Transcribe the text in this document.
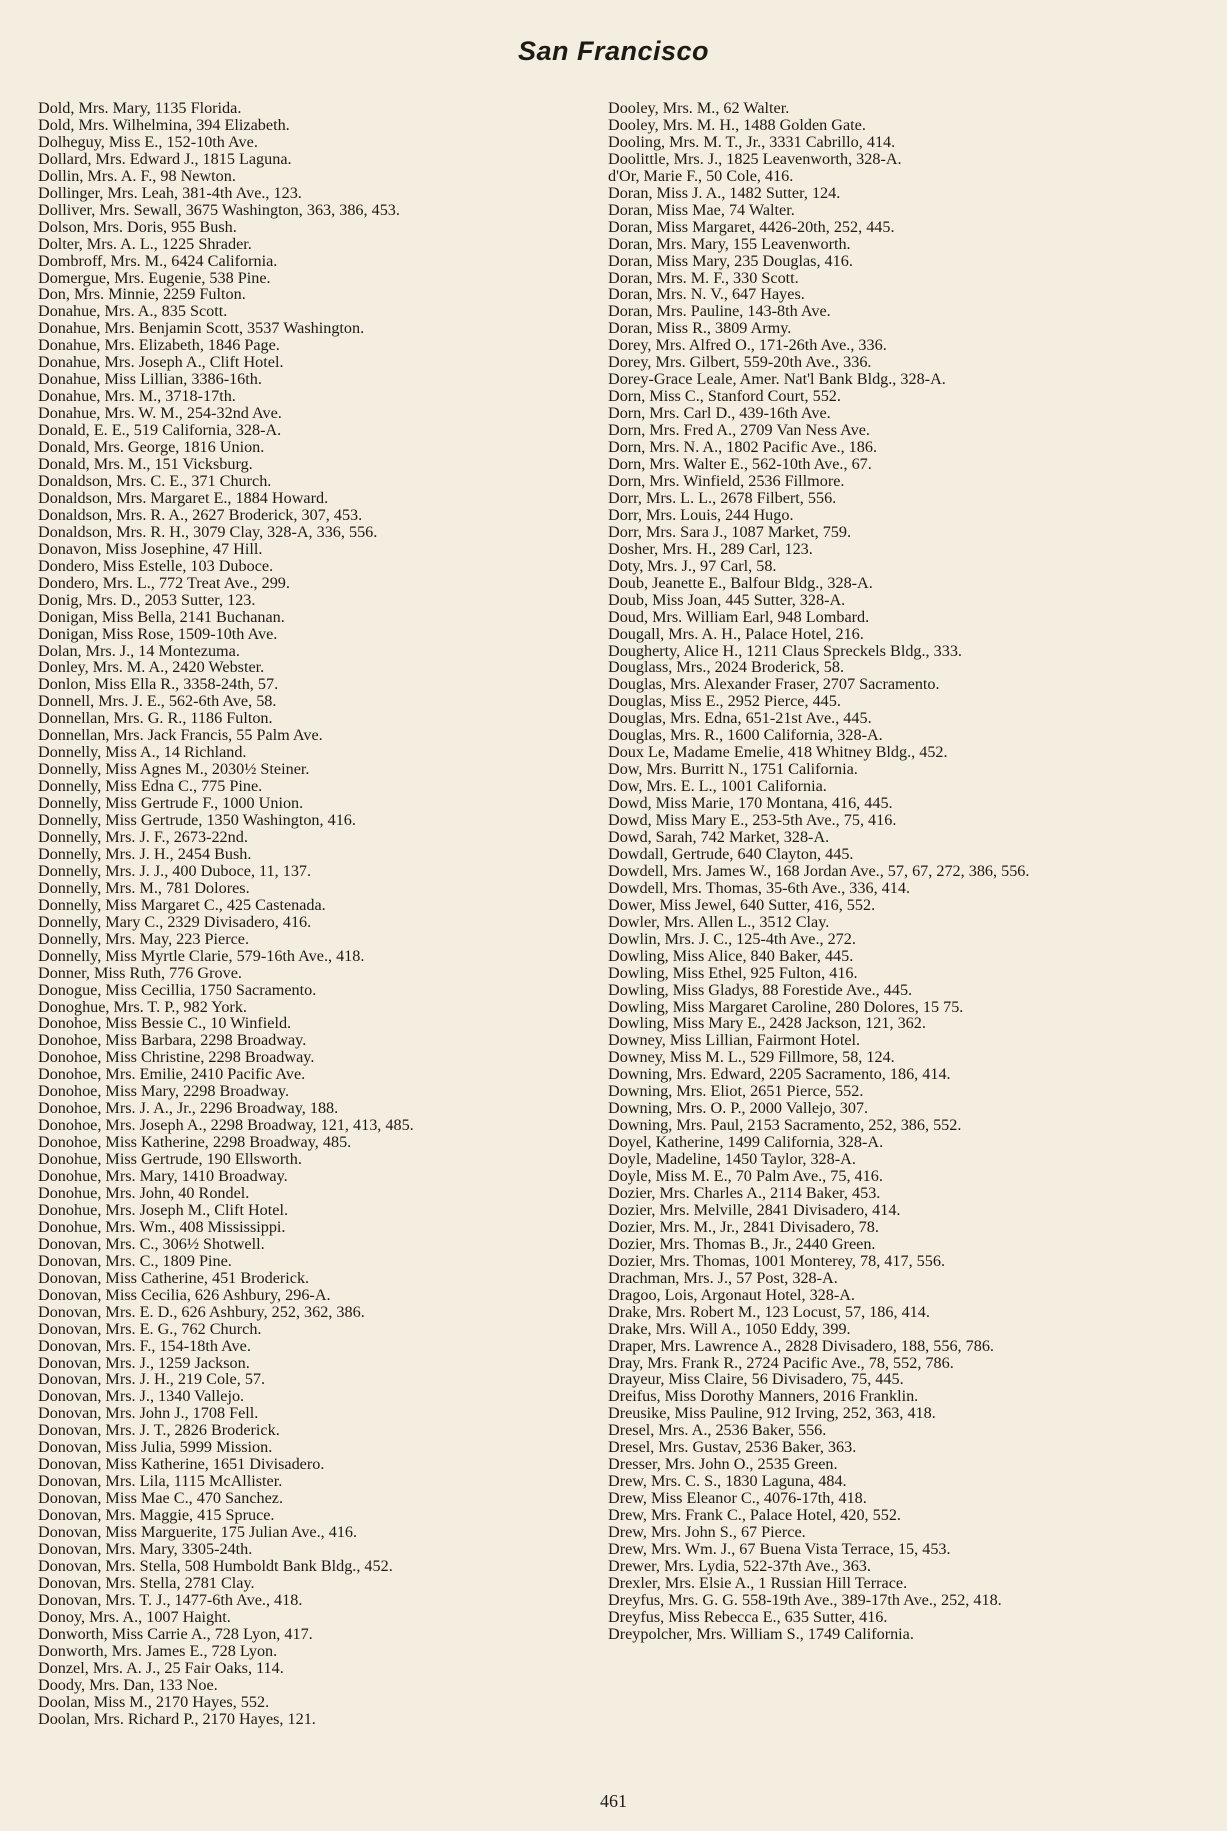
San Francisco
Dold, Mrs. Mary, 1135 Florida.
Dold, Mrs. Wilhelmina, 394 Elizabeth.
Dolheguy, Miss E., 152-10th Ave.
Dollard, Mrs. Edward J., 1815 Laguna.
Dollin, Mrs. A. F., 98 Newton.
Dollinger, Mrs. Leah, 381-4th Ave., 123.
Dolliver, Mrs. Sewall, 3675 Washington, 363, 386, 453.
Dolson, Mrs. Doris, 955 Bush.
Dolter, Mrs. A. L., 1225 Shrader.
Dombroff, Mrs. M., 6424 California.
Domergue, Mrs. Eugenie, 538 Pine.
Don, Mrs. Minnie, 2259 Fulton.
Donahue, Mrs. A., 835 Scott.
Donahue, Mrs. Benjamin Scott, 3537 Washington.
Donahue, Mrs. Elizabeth, 1846 Page.
Donahue, Mrs. Joseph A., Clift Hotel.
Donahue, Miss Lillian, 3386-16th.
Donahue, Mrs. M., 3718-17th.
Donahue, Mrs. W. M., 254-32nd Ave.
Donald, E. E., 519 California, 328-A.
Donald, Mrs. George, 1816 Union.
Donald, Mrs. M., 151 Vicksburg.
Donaldson, Mrs. C. E., 371 Church.
Donaldson, Mrs. Margaret E., 1884 Howard.
Donaldson, Mrs. R. A., 2627 Broderick, 307, 453.
Donaldson, Mrs. R. H., 3079 Clay, 328-A, 336, 556.
Donavon, Miss Josephine, 47 Hill.
Dondero, Miss Estelle, 103 Duboce.
Dondero, Mrs. L., 772 Treat Ave., 299.
Donig, Mrs. D., 2053 Sutter, 123.
Donigan, Miss Bella, 2141 Buchanan.
Donigan, Miss Rose, 1509-10th Ave.
Dolan, Mrs. J., 14 Montezuma.
Donley, Mrs. M. A., 2420 Webster.
Donlon, Miss Ella R., 3358-24th, 57.
Donnell, Mrs. J. E., 562-6th Ave, 58.
Donnellan, Mrs. G. R., 1186 Fulton.
Donnellan, Mrs. Jack Francis, 55 Palm Ave.
Donnelly, Miss A., 14 Richland.
Donnelly, Miss Agnes M., 2030½ Steiner.
Donnelly, Miss Edna C., 775 Pine.
Donnelly, Miss Gertrude F., 1000 Union.
Donnelly, Miss Gertrude, 1350 Washington, 416.
Donnelly, Mrs. J. F., 2673-22nd.
Donnelly, Mrs. J. H., 2454 Bush.
Donnelly, Mrs. J. J., 400 Duboce, 11, 137.
Donnelly, Mrs. M., 781 Dolores.
Donnelly, Miss Margaret C., 425 Castenada.
Donnelly, Mary C., 2329 Divisadero, 416.
Donnelly, Mrs. May, 223 Pierce.
Donnelly, Miss Myrtle Clarie, 579-16th Ave., 418.
Donner, Miss Ruth, 776 Grove.
Donogue, Miss Cecillia, 1750 Sacramento.
Donoghue, Mrs. T. P., 982 York.
Donohoe, Miss Bessie C., 10 Winfield.
Donohoe, Miss Barbara, 2298 Broadway.
Donohoe, Miss Christine, 2298 Broadway.
Donohoe, Mrs. Emilie, 2410 Pacific Ave.
Donohoe, Miss Mary, 2298 Broadway.
Donohoe, Mrs. J. A., Jr., 2296 Broadway, 188.
Donohoe, Mrs. Joseph A., 2298 Broadway, 121, 413, 485.
Donohoe, Miss Katherine, 2298 Broadway, 485.
Donohue, Miss Gertrude, 190 Ellsworth.
Donohue, Mrs. Mary, 1410 Broadway.
Donohue, Mrs. John, 40 Rondel.
Donohue, Mrs. Joseph M., Clift Hotel.
Donohue, Mrs. Wm., 408 Mississippi.
Donovan, Mrs. C., 306½ Shotwell.
Donovan, Mrs. C., 1809 Pine.
Donovan, Miss Catherine, 451 Broderick.
Donovan, Miss Cecilia, 626 Ashbury, 296-A.
Donovan, Mrs. E. D., 626 Ashbury, 252, 362, 386.
Donovan, Mrs. E. G., 762 Church.
Donovan, Mrs. F., 154-18th Ave.
Donovan, Mrs. J., 1259 Jackson.
Donovan, Mrs. J. H., 219 Cole, 57.
Donovan, Mrs. J., 1340 Vallejo.
Donovan, Mrs. John J., 1708 Fell.
Donovan, Mrs. J. T., 2826 Broderick.
Donovan, Miss Julia, 5999 Mission.
Donovan, Miss Katherine, 1651 Divisadero.
Donovan, Mrs. Lila, 1115 McAllister.
Donovan, Miss Mae C., 470 Sanchez.
Donovan, Mrs. Maggie, 415 Spruce.
Donovan, Miss Marguerite, 175 Julian Ave., 416.
Donovan, Mrs. Mary, 3305-24th.
Donovan, Mrs. Stella, 508 Humboldt Bank Bldg., 452.
Donovan, Mrs. Stella, 2781 Clay.
Donovan, Mrs. T. J., 1477-6th Ave., 418.
Donoy, Mrs. A., 1007 Haight.
Donworth, Miss Carrie A., 728 Lyon, 417.
Donworth, Mrs. James E., 728 Lyon.
Donzel, Mrs. A. J., 25 Fair Oaks, 114.
Doody, Mrs. Dan, 133 Noe.
Doolan, Miss M., 2170 Hayes, 552.
Doolan, Mrs. Richard P., 2170 Hayes, 121.
Dooley, Mrs. M., 62 Walter.
Dooley, Mrs. M. H., 1488 Golden Gate.
Dooling, Mrs. M. T., Jr., 3331 Cabrillo, 414.
Doolittle, Mrs. J., 1825 Leavenworth, 328-A.
d'Or, Marie F., 50 Cole, 416.
Doran, Miss J. A., 1482 Sutter, 124.
Doran, Miss Mae, 74 Walter.
Doran, Miss Margaret, 4426-20th, 252, 445.
Doran, Mrs. Mary, 155 Leavenworth.
Doran, Miss Mary, 235 Douglas, 416.
Doran, Mrs. M. F., 330 Scott.
Doran, Mrs. N. V., 647 Hayes.
Doran, Mrs. Pauline, 143-8th Ave.
Doran, Miss R., 3809 Army.
Dorey, Mrs. Alfred O., 171-26th Ave., 336.
Dorey, Mrs. Gilbert, 559-20th Ave., 336.
Dorey-Grace Leale, Amer. Nat'l Bank Bldg., 328-A.
Dorn, Miss C., Stanford Court, 552.
Dorn, Mrs. Carl D., 439-16th Ave.
Dorn, Mrs. Fred A., 2709 Van Ness Ave.
Dorn, Mrs. N. A., 1802 Pacific Ave., 186.
Dorn, Mrs. Walter E., 562-10th Ave., 67.
Dorn, Mrs. Winfield, 2536 Fillmore.
Dorr, Mrs. L. L., 2678 Filbert, 556.
Dorr, Mrs. Louis, 244 Hugo.
Dorr, Mrs. Sara J., 1087 Market, 759.
Dosher, Mrs. H., 289 Carl, 123.
Doty, Mrs. J., 97 Carl, 58.
Doub, Jeanette E., Balfour Bldg., 328-A.
Doub, Miss Joan, 445 Sutter, 328-A.
Doud, Mrs. William Earl, 948 Lombard.
Dougall, Mrs. A. H., Palace Hotel, 216.
Dougherty, Alice H., 1211 Claus Spreckels Bldg., 333.
Douglass, Mrs., 2024 Broderick, 58.
Douglas, Mrs. Alexander Fraser, 2707 Sacramento.
Douglas, Miss E., 2952 Pierce, 445.
Douglas, Mrs. Edna, 651-21st Ave., 445.
Douglas, Mrs. R., 1600 California, 328-A.
Doux Le, Madame Emelie, 418 Whitney Bldg., 452.
Dow, Mrs. Burritt N., 1751 California.
Dow, Mrs. E. L., 1001 California.
Dowd, Miss Marie, 170 Montana, 416, 445.
Dowd, Miss Mary E., 253-5th Ave., 75, 416.
Dowd, Sarah, 742 Market, 328-A.
Dowdall, Gertrude, 640 Clayton, 445.
Dowdell, Mrs. James W., 168 Jordan Ave., 57, 67, 272, 386, 556.
Dowdell, Mrs. Thomas, 35-6th Ave., 336, 414.
Dower, Miss Jewel, 640 Sutter, 416, 552.
Dowler, Mrs. Allen L., 3512 Clay.
Dowlin, Mrs. J. C., 125-4th Ave., 272.
Dowling, Miss Alice, 840 Baker, 445.
Dowling, Miss Ethel, 925 Fulton, 416.
Dowling, Miss Gladys, 88 Forestide Ave., 445.
Dowling, Miss Margaret Caroline, 280 Dolores, 15 75.
Dowling, Miss Mary E., 2428 Jackson, 121, 362.
Downey, Miss Lillian, Fairmont Hotel.
Downey, Miss M. L., 529 Fillmore, 58, 124.
Downing, Mrs. Edward, 2205 Sacramento, 186, 414.
Downing, Mrs. Eliot, 2651 Pierce, 552.
Downing, Mrs. O. P., 2000 Vallejo, 307.
Downing, Mrs. Paul, 2153 Sacramento, 252, 386, 552.
Doyel, Katherine, 1499 California, 328-A.
Doyle, Madeline, 1450 Taylor, 328-A.
Doyle, Miss M. E., 70 Palm Ave., 75, 416.
Dozier, Mrs. Charles A., 2114 Baker, 453.
Dozier, Mrs. Melville, 2841 Divisadero, 414.
Dozier, Mrs. M., Jr., 2841 Divisadero, 78.
Dozier, Mrs. Thomas B., Jr., 2440 Green.
Dozier, Mrs. Thomas, 1001 Monterey, 78, 417, 556.
Drachman, Mrs. J., 57 Post, 328-A.
Dragoo, Lois, Argonaut Hotel, 328-A.
Drake, Mrs. Robert M., 123 Locust, 57, 186, 414.
Drake, Mrs. Will A., 1050 Eddy, 399.
Draper, Mrs. Lawrence A., 2828 Divisadero, 188, 556, 786.
Dray, Mrs. Frank R., 2724 Pacific Ave., 78, 552, 786.
Drayeur, Miss Claire, 56 Divisadero, 75, 445.
Dreifus, Miss Dorothy Manners, 2016 Franklin.
Dreusike, Miss Pauline, 912 Irving, 252, 363, 418.
Dresel, Mrs. A., 2536 Baker, 556.
Dresel, Mrs. Gustav, 2536 Baker, 363.
Dresser, Mrs. John O., 2535 Green.
Drew, Mrs. C. S., 1830 Laguna, 484.
Drew, Miss Eleanor C., 4076-17th, 418.
Drew, Mrs. Frank C., Palace Hotel, 420, 552.
Drew, Mrs. John S., 67 Pierce.
Drew, Mrs. Wm. J., 67 Buena Vista Terrace, 15, 453.
Drewer, Mrs. Lydia, 522-37th Ave., 363.
Drexler, Mrs. Elsie A., 1 Russian Hill Terrace.
Dreyfus, Mrs. G. G. 558-19th Ave., 389-17th Ave., 252, 418.
Dreyfus, Miss Rebecca E., 635 Sutter, 416.
Dreypolcher, Mrs. William S., 1749 California.
461
